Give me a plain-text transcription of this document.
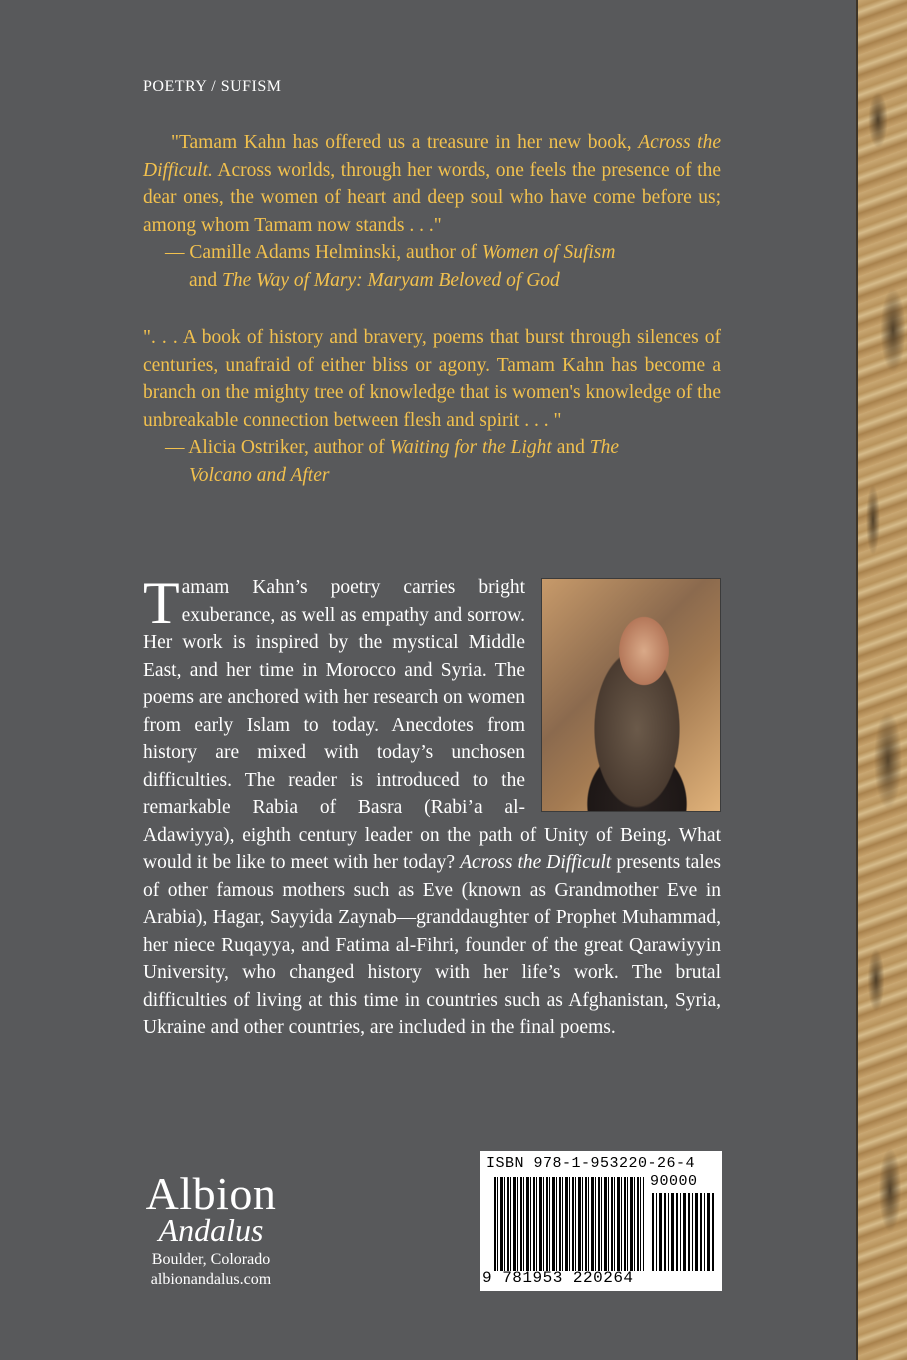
POETRY / SUFISM

"Tamam Kahn has offered us a treasure in her new book, Across the Difficult. Across worlds, through her words, one feels the presence of the dear ones, the women of heart and deep soul who have come before us; among whom Tamam now stands . . ."

— Camille Adams Helminski, author of Women of Sufism
and The Way of Mary: Maryam Beloved of God

". . . A book of history and bravery, poems that burst through silences of centuries, unafraid of either bliss or agony. Tamam Kahn has become a branch on the mighty tree of knowledge that is women's knowledge of the unbreakable connection between flesh and spirit . . . "

— Alicia Ostriker, author of Waiting for the Light and The
Volcano and After
Tamam Kahn’s poetry carries bright exuberance, as well as empathy and sorrow. Her work is inspired by the mystical Middle East, and her time in Morocco and Syria. The poems are anchored with her research on women from early Islam to today. Anecdotes from history are mixed with today’s unchosen difficulties. The reader is introduced to the remarkable Rabia of Basra (Rabi’a al-Adawiyya), eighth century leader on the path of Unity of Being. What would it be like to meet with her today? Across the Difficult presents tales of other famous mothers such as Eve (known as Grandmother Eve in Arabia), Hagar, Sayyida Zaynab—granddaughter of Prophet Muhammad, her niece Ruqayya, and Fatima al-Fihri, founder of the great Qarawiyyin University, who changed history with her life’s work. The brutal difficulties of living at this time in countries such as Afghanistan, Syria, Ukraine and other countries, are included in the final poems.
Albion
Andalus
Boulder, Colorado
albionandalus.com
ISBN 978-1-953220-26-4
90000
9 781953 220264
